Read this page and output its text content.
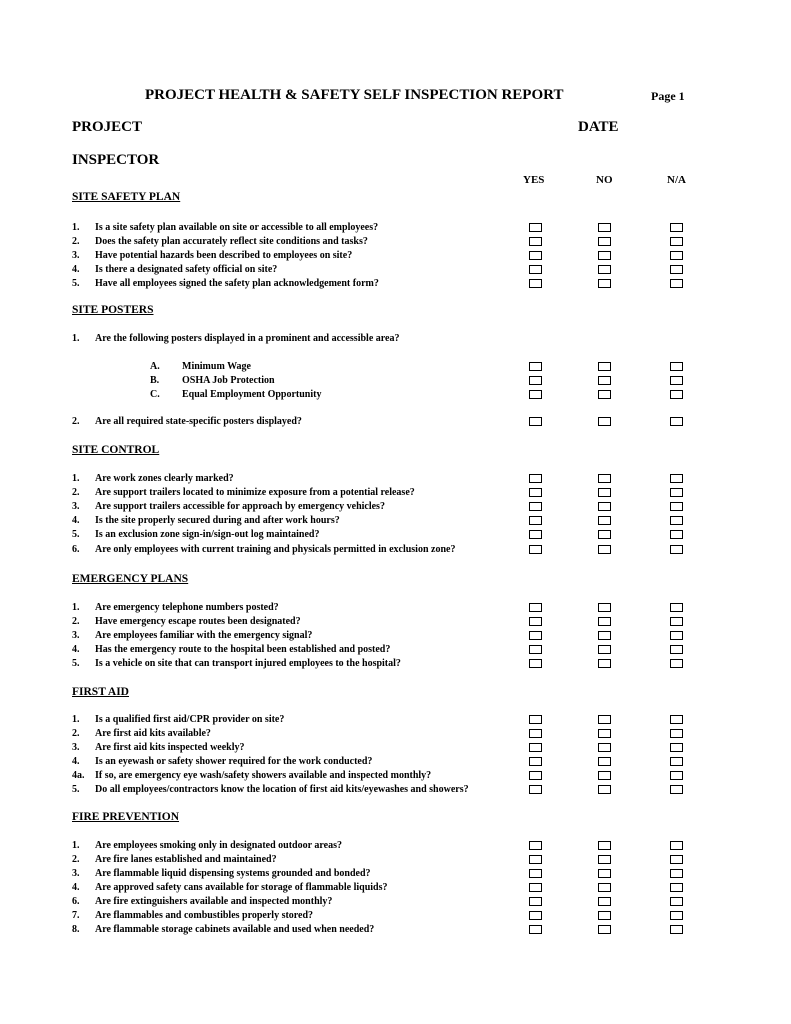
PROJECT HEALTH & SAFETY SELF INSPECTION REPORT	Page 1
PROJECT	DATE
INSPECTOR
YES	NO	N/A
SITE SAFETY PLAN
1. Is a site safety plan available on site or accessible to all employees?
2. Does the safety plan accurately reflect site conditions and tasks?
3. Have potential hazards been described to employees on site?
4. Is there a designated safety official on site?
5. Have all employees signed the safety plan acknowledgement form?
SITE POSTERS
1. Are the following posters displayed in a prominent and accessible area?
A. Minimum Wage
B. OSHA Job Protection
C. Equal Employment Opportunity
2. Are all required state-specific posters displayed?
SITE CONTROL
1. Are work zones clearly marked?
2. Are support trailers located to minimize exposure from a potential release?
3. Are support trailers accessible for approach by emergency vehicles?
4. Is the site properly secured during and after work hours?
5. Is an exclusion zone sign-in/sign-out log maintained?
6. Are only employees with current training and physicals permitted in exclusion zone?
EMERGENCY PLANS
1. Are emergency telephone numbers posted?
2. Have emergency escape routes been designated?
3. Are employees familiar with the emergency signal?
4. Has the emergency route to the hospital been established and posted?
5. Is a vehicle on site that can transport injured employees to the hospital?
FIRST AID
1. Is a qualified first aid/CPR provider on site?
2. Are first aid kits available?
3. Are first aid kits inspected weekly?
4. Is an eyewash or safety shower required for the work conducted?
4a. If so, are emergency eye wash/safety showers available and inspected monthly?
5. Do all employees/contractors know the location of first aid kits/eyewashes and showers?
FIRE PREVENTION
1. Are employees smoking only in designated outdoor areas?
2. Are fire lanes established and maintained?
3. Are flammable liquid dispensing systems grounded and bonded?
4. Are approved safety cans available for storage of flammable liquids?
6. Are fire extinguishers available and inspected monthly?
7. Are flammables and combustibles properly stored?
8. Are flammable storage cabinets available and used when needed?
